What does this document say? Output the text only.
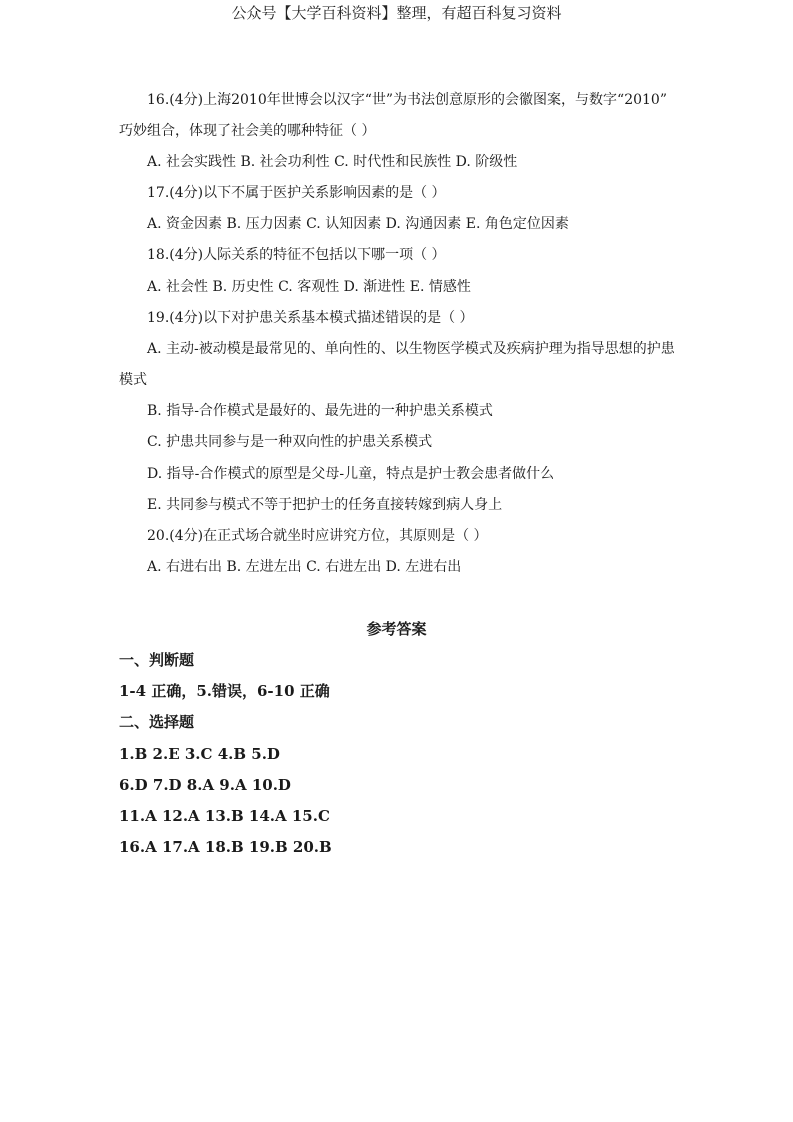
公众号【大学百科资料】整理，有超百科复习资料
16.(4分)上海2010年世博会以汉字“世”为书法创意原形的会徽图案，与数字“2010”
巧妙组合，体现了社会美的哪种特征（ ）
A. 社会实践性 B. 社会功利性 C. 时代性和民族性 D. 阶级性
17.(4分)以下不属于医护关系影响因素的是（ ）
A. 资金因素 B. 压力因素 C. 认知因素 D. 沟通因素 E. 角色定位因素
18.(4分)人际关系的特征不包括以下哪一项（ ）
A. 社会性 B. 历史性 C. 客观性 D. 渐进性 E. 情感性
19.(4分)以下对护患关系基本模式描述错误的是（ ）
A. 主动-被动模是最常见的、单向性的、以生物医学模式及疾病护理为指导思想的护患
模式
B. 指导-合作模式是最好的、最先进的一种护患关系模式
C. 护患共同参与是一种双向性的护患关系模式
D. 指导-合作模式的原型是父母-儿童，特点是护士教会患者做什么
E. 共同参与模式不等于把护士的任务直接转嫁到病人身上
20.(4分)在正式场合就坐时应讲究方位，其原则是（ ）
A. 右进右出 B. 左进左出 C. 右进左出 D. 左进右出
参考答案
一、判断题
1-4 正确，5.错误，6-10 正确
二、选择题
1.B 2.E 3.C 4.B 5.D
6.D 7.D 8.A 9.A 10.D
11.A 12.A 13.B 14.A 15.C
16.A 17.A 18.B 19.B 20.B
